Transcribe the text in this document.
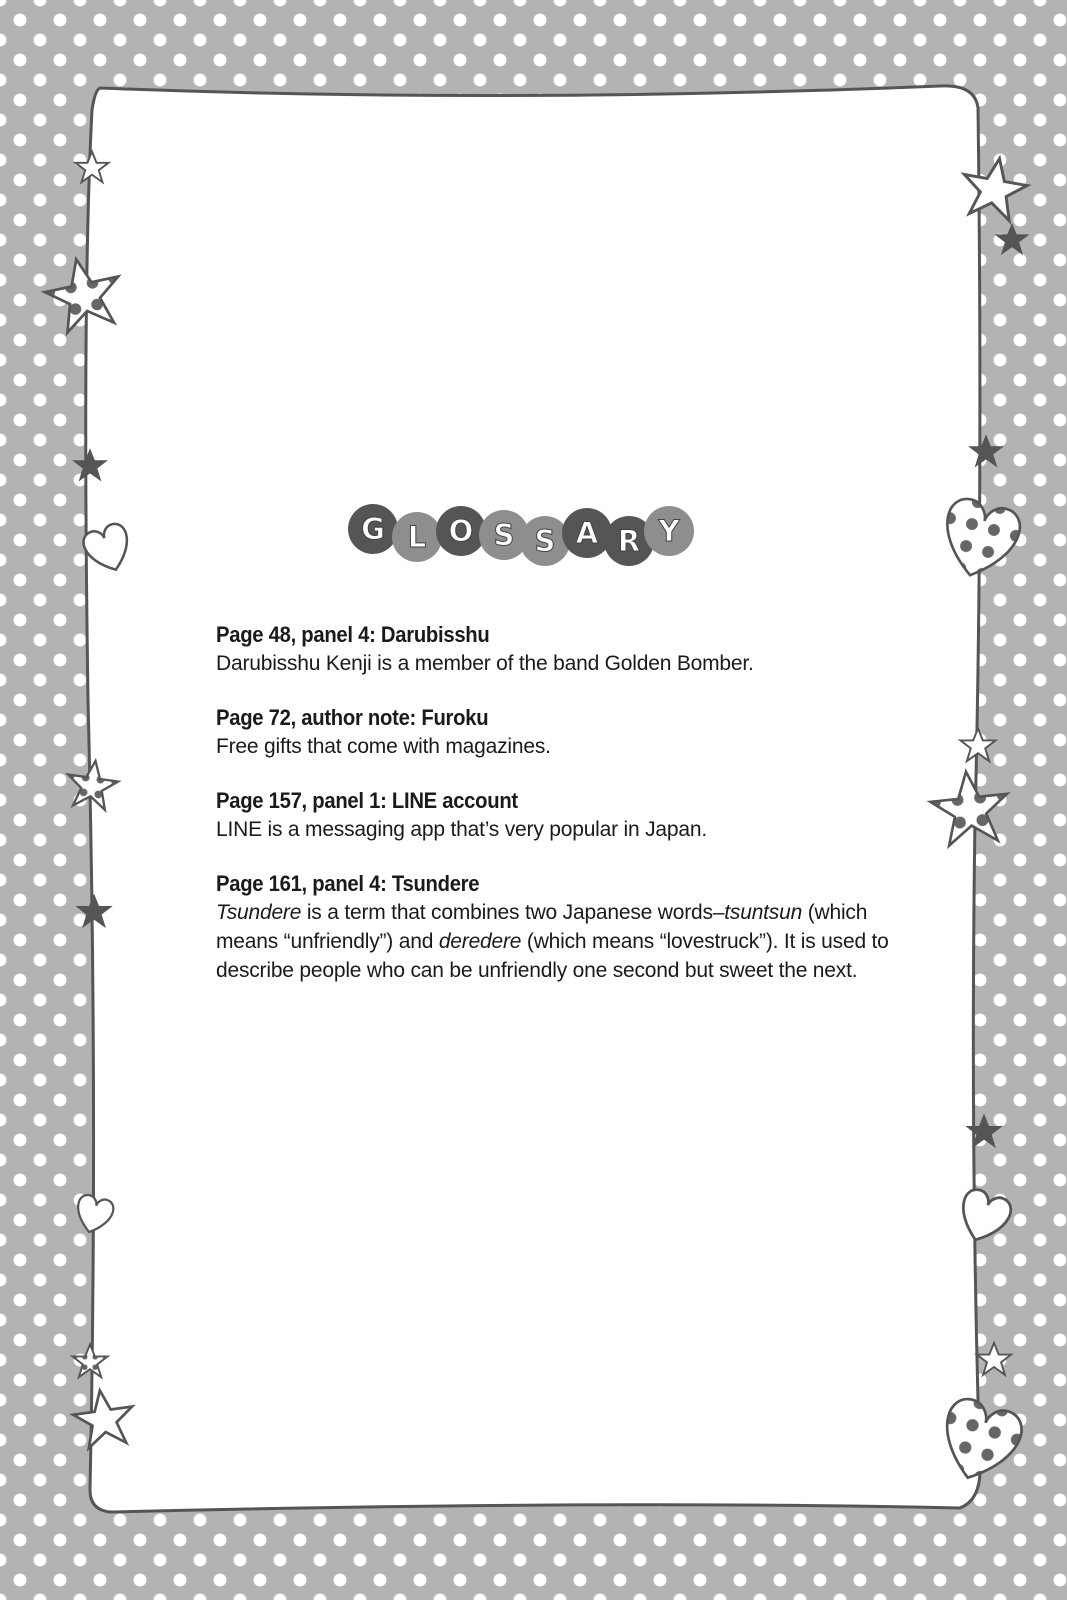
G L O S S A R Y
Page 48, panel 4: Darubisshu
Darubisshu Kenji is a member of the band Golden Bomber.
Page 72, author note: Furoku
Free gifts that come with magazines.
Page 157, panel 1: LINE account
LINE is a messaging app that’s very popular in Japan.
Page 161, panel 4: Tsundere
Tsundere is a term that combines two Japanese words–tsuntsun (which means “unfriendly”) and deredere (which means “lovestruck”). It is used to describe people who can be unfriendly one second but sweet the next.
